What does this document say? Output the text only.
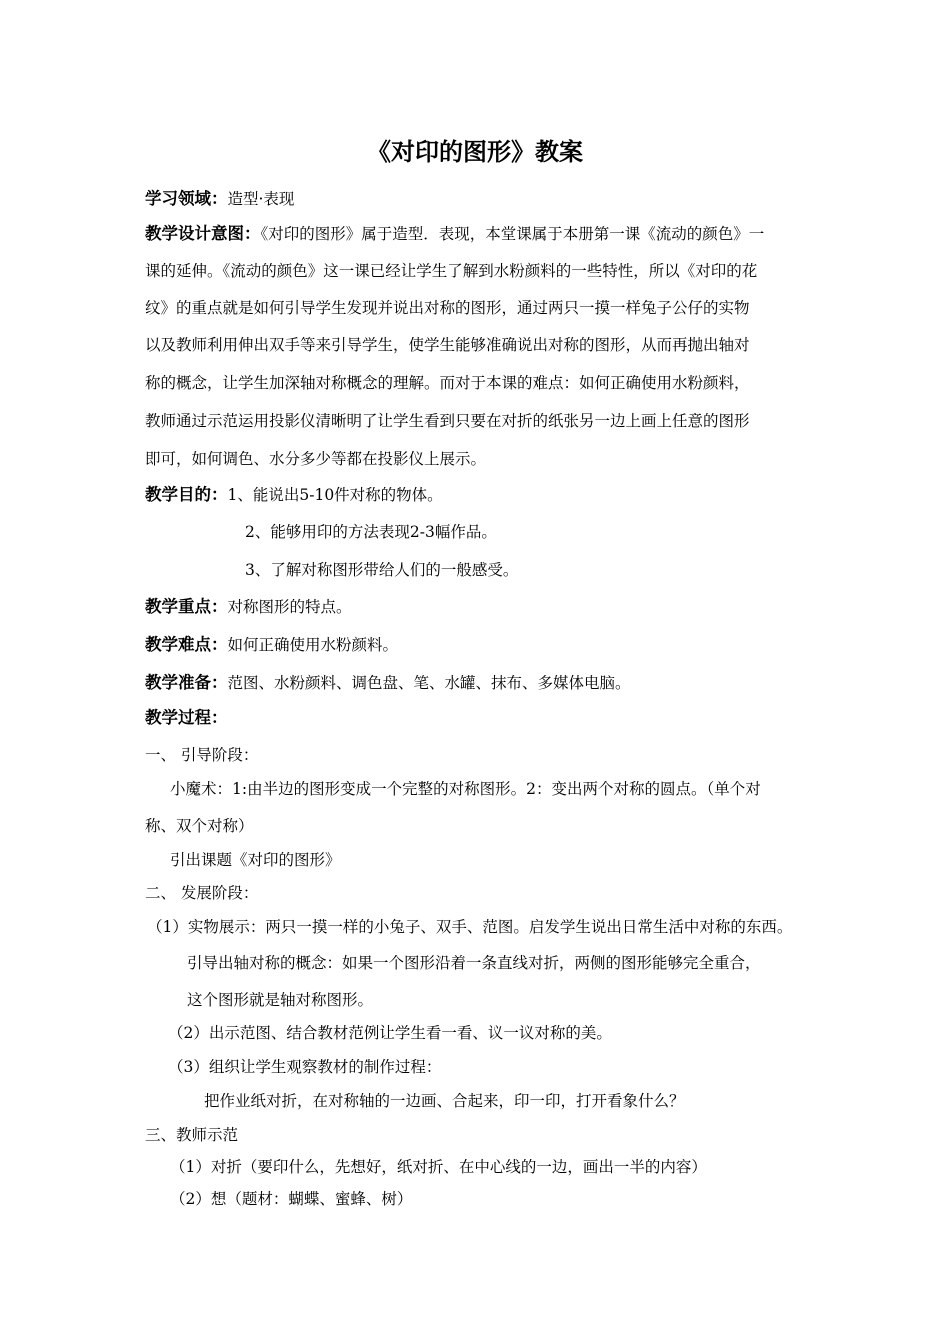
《对印的图形》教案
学习领域：造型·表现
教学设计意图：《对印的图形》属于造型．表现，本堂课属于本册第一课《流动的颜色》一
课的延伸。《流动的颜色》这一课已经让学生了解到水粉颜料的一些特性，所以《对印的花
纹》的重点就是如何引导学生发现并说出对称的图形，通过两只一摸一样兔子公仔的实物
以及教师利用伸出双手等来引导学生，使学生能够准确说出对称的图形，从而再抛出轴对
称的概念，让学生加深轴对称概念的理解。而对于本课的难点：如何正确使用水粉颜料，
教师通过示范运用投影仪清晰明了让学生看到只要在对折的纸张另一边上画上任意的图形
即可，如何调色、水分多少等都在投影仪上展示。
教学目的：1、能说出5-10件对称的物体。
2、能够用印的方法表现2-3幅作品。
3、了解对称图形带给人们的一般感受。
教学重点：对称图形的特点。
教学难点：如何正确使用水粉颜料。
教学准备：范图、水粉颜料、调色盘、笔、水罐、抹布、多媒体电脑。
教学过程：
一、 引导阶段：
小魔术：1:由半边的图形变成一个完整的对称图形。2：变出两个对称的圆点。（单个对
称、双个对称）
引出课题《对印的图形》
二、 发展阶段：
（1）实物展示：两只一摸一样的小兔子、双手、范图。启发学生说出日常生活中对称的东西。
引导出轴对称的概念：如果一个图形沿着一条直线对折，两侧的图形能够完全重合，
这个图形就是轴对称图形。
（2）出示范图、结合教材范例让学生看一看、议一议对称的美。
（3）组织让学生观察教材的制作过程：
把作业纸对折，在对称轴的一边画、合起来，印一印，打开看象什么？
三、教师示范
（1）对折（要印什么，先想好，纸对折、在中心线的一边，画出一半的内容）
（2）想（题材：蝴蝶、蜜蜂、树）
